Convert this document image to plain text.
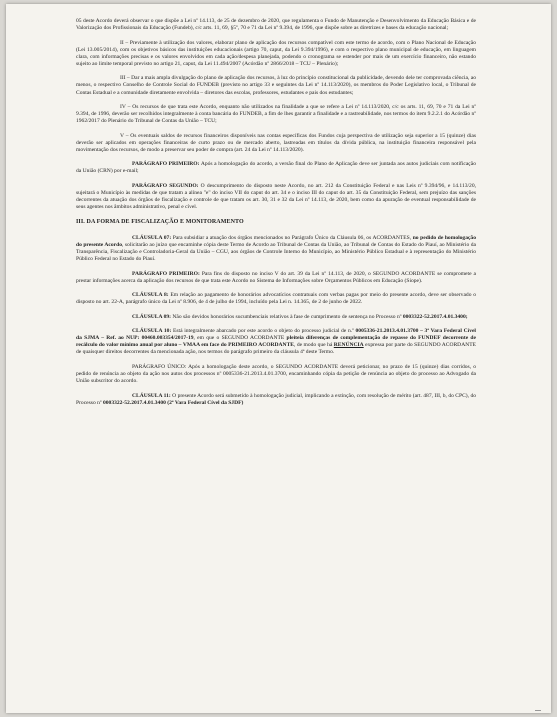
05 deste Acordo deverá observar o que dispõe a Lei nº 14.113, de 25 de dezembro de 2020, que regulamenta o Fundo de Manutenção e Desenvolvimento da Educação Básica e de Valorização dos Profissionais da Educação (Fundeb), c/c arts. 11, 69, §5º, 70 e 71 da Lei nº 9.394, de 1996, que dispõe sobre as diretrizes e bases da educação nacional;

II – Previamente à utilização dos valores, elaborar plano de aplicação dos recursos compatível com este termo de acordo, com o Plano Nacional de Educação (Lei 13.005/2014), com os objetivos básicos das instituições educacionais (artigo 70, caput, da Lei 9.394/1996), e com o respectivo plano municipal de educação, em linguagem clara, com informações precisas e os valores envolvidos em cada ação/despesa planejada, podendo o cronograma se estender por mais de um exercício financeiro, não estando sujeito ao limite temporal previsto no artigo 21, caput, da Lei 11.494/2007 (Acórdão nº 2866/2018 – TCU – Plenário);

III – Dar a mais ampla divulgação do plano de aplicação dos recursos, à luz do princípio constitucional da publicidade, devendo dele ter comprovada ciência, ao menos, o respectivo Conselho de Controle Social do FUNDEB (previsto no artigo 33 e seguintes da Lei nº 14.113/2020), os membros do Poder Legislativo local, o Tribunal de Contas Estadual e a comunidade diretamente envolvida – diretores das escolas, professores, estudantes e pais dos estudantes;

IV – Os recursos de que trata este Acordo, enquanto não utilizados na finalidade a que se refere a Lei nº 14.113/2020, c/c os arts. 11, 69, 70 e 71 da Lei nº 9.394, de 1996, deverão ser recolhidos integralmente à conta bancária do FUNDEB, a fim de lhes garantir a finalidade e a rastreabilidade, nos termos do item 9.2.2.1 do Acórdão nº 1962/2017 do Plenário do Tribunal de Contas da União – TCU;

V – Os eventuais saldos de recursos financeiros disponíveis nas contas específicas dos Fundos cuja perspectiva de utilização seja superior a 15 (quinze) dias deverão ser aplicados em operações financeiras de curto prazo ou de mercado aberto, lastreadas em títulos da dívida pública, na instituição financeira responsável pela movimentação dos recursos, de modo a preservar seu poder de compra (art. 24 da Lei nº 14.113/2020).

PARÁGRAFO PRIMEIRO: Após a homologação do acordo, a versão final do Plano de Aplicação deve ser juntada aos autos judiciais com notificação da União (CRN) por e-mail;

PARÁGRAFO SEGUNDO: O descumprimento do disposto neste Acordo, no art. 212 da Constituição Federal e nas Leis nº 9.394/96, e 14.113/20, sujeitará o Município às medidas de que tratam a alínea "e" do inciso VII do caput do art. 34 e o inciso III do caput do art. 35 da Constituição Federal, sem prejuízo das sanções decorrentes da atuação dos órgãos de fiscalização e controle de que tratam os art. 30, 31 e 32 da Lei nº 14.113, de 2020, bem como da apuração de eventual responsabilidade de seus agentes nos âmbitos administrativo, penal e cível.

III. DA FORMA DE FISCALIZAÇÃO E MONITORAMENTO

CLÁUSULA 07: Para subsidiar a atuação dos órgãos mencionados no Parágrafo Único da Cláusula 06, os ACORDANTES, no pedido de homologação do presente Acordo, solicitarão ao juízo que encaminhe cópia deste Termo de Acordo ao Tribunal de Contas da União, ao Tribunal de Contas do Estado do Piauí, ao Ministério da Transparência, Fiscalização e Controladoria-Geral da União – CGU, aos órgãos de Controle Interno do Município, ao Ministério Público Estadual e à representação do Ministério Público Federal no Estado do Piauí.

PARÁGRAFO PRIMEIRO: Para fins do disposto no inciso V do art. 39 da Lei nº 14.113, de 2020, o SEGUNDO ACORDANTE se compromete a prestar informações acerca da aplicação dos recursos de que trata este Acordo no Sistema de Informações sobre Orçamentos Públicos em Educação (Siope).

CLÁUSULA 8: Em relação ao pagamento de honorários advocatícios contratuais com verbas pagas por meio do presente acordo, deve ser observado o disposto no art. 22-A, parágrafo único da Lei nº 8.906, de 4 de julho de 1994, incluído pela Lei n. 14.365, de 2 de junho de 2022.

CLÁUSULA 09: Não são devidos honorários sucumbenciais relativos à fase de cumprimento de sentença no Processo nº 0003322-52.2017.4.01.3400;

CLÁUSULA 10: Está integralmente abarcado por este acordo o objeto do processo judicial de n.º 0005336-21.2013.4.01.3700 – 3ª Vara Federal Cível da SJMA – Ref. ao NUP: 00460.003354/2017-19, em que o SEGUNDO ACORDANTE pleiteia diferenças de complementação de repasse do FUNDEF decorrente de recálculo do valor mínimo anual por aluno – VMAA em face do PRIMEIRO ACORDANTE, de modo que há RENÚNCIA expressa por parte do SEGUNDO ACORDANTE de quaisquer direitos decorrentes da mencionada ação, nos termos do parágrafo primeiro da cláusula 4ª deste Termo.

PARÁGRAFO ÚNICO: Após a homologação deste acordo, o SEGUNDO ACORDANTE deverá peticionar, no prazo de 15 (quinze) dias corridos, o pedido de renúncia ao objeto da ação nos autos dos processos nº 0005336-21.2013.4.01.3700, encaminhando cópia da petição de renúncia ao objeto do processo ao Advogado da União subscritor do acordo.

CLÁUSULA 11: O presente Acordo será submetido à homologação judicial, implicando a extinção, com resolução de mérito (art. 487, III, b, do CPC), do Processo nº 0003322-52.2017.4.01.3400 (2ª Vara Federal Cível da SJDF)
